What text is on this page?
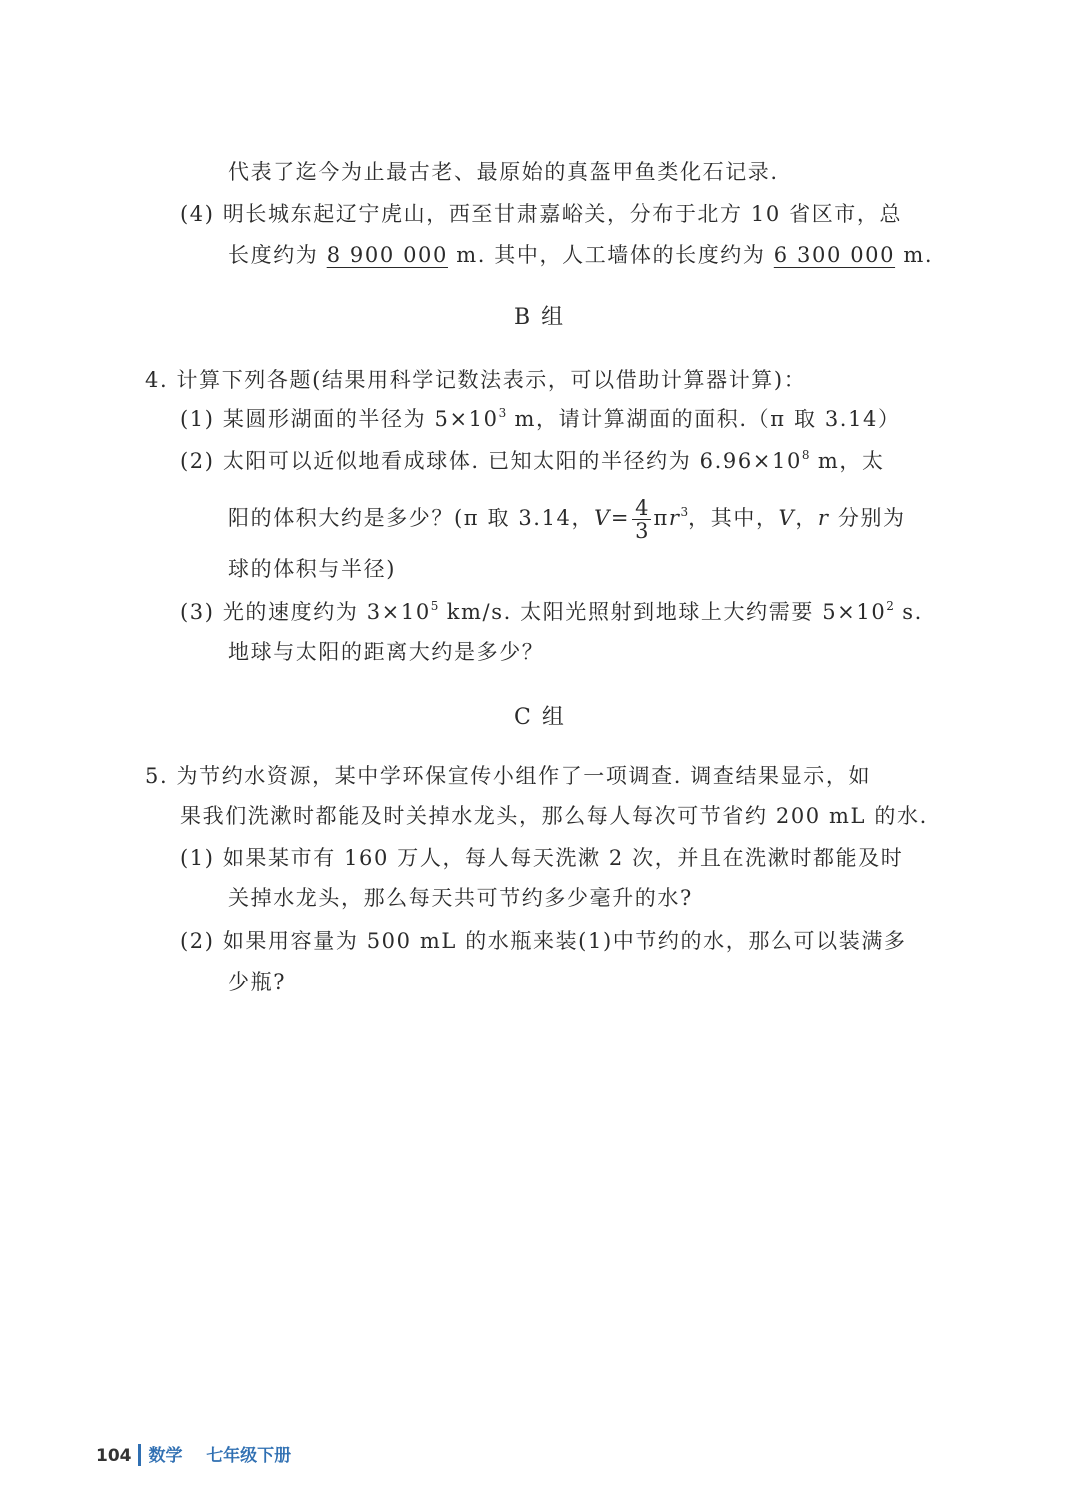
代表了迄今为止最古老、最原始的真盔甲鱼类化石记录.
(4) 明长城东起辽宁虎山，西至甘肃嘉峪关，分布于北方 10 省区市，总
长度约为 8 900 000 m. 其中，人工墙体的长度约为 6 300 000 m.
B 组
4. 计算下列各题(结果用科学记数法表示，可以借助计算器计算)：
(1) 某圆形湖面的半径为 $5\times 10^3$ m，请计算湖面的面积.（π 取 3.14）
(2) 太阳可以近似地看成球体. 已知太阳的半径约为 $6.96\times 10^8$ m，太
阳的体积大约是多少？(π 取 3.14，$V= \frac{4}{3} \pi r^3$，其中，V，r 分别为
球的体积与半径)
(3) 光的速度约为 $3\times 10^5$ km/s. 太阳光照射到地球上大约需要 $5\times 10^2$ s.
地球与太阳的距离大约是多少？
C 组
5. 为节约水资源，某中学环保宣传小组作了一项调查. 调查结果显示，如
果我们洗漱时都能及时关掉水龙头，那么每人每次可节省约 200 mL 的水.
(1) 如果某市有 160 万人，每人每天洗漱 2 次，并且在洗漱时都能及时
关掉水龙头，那么每天共可节约多少毫升的水?
(2) 如果用容量为 500 mL 的水瓶来装(1)中节约的水，那么可以装满多
少瓶?
104 数学 七年级下册
